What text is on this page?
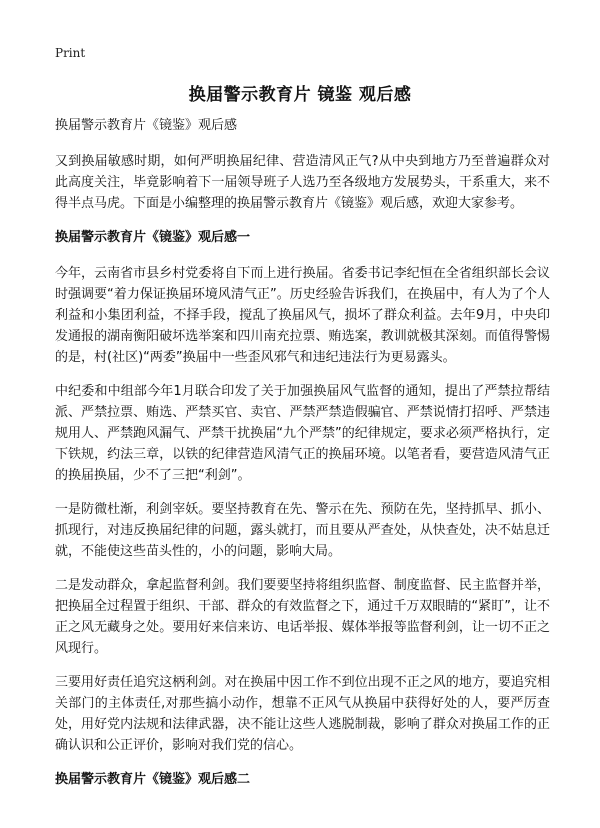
Print
换届警示教育片 镜鉴 观后感

换届警示教育片《镜鉴》观后感

又到换届敏感时期，如何严明换届纪律、营造清风正气?从中央到地方乃至普遍群众对此高度关注，毕竟影响着下一届领导班子人选乃至各级地方发展势头，干系重大，来不得半点马虎。下面是小编整理的换届警示教育片《镜鉴》观后感，欢迎大家参考。

换届警示教育片《镜鉴》观后感一

今年，云南省市县乡村党委将自下而上进行换届。省委书记李纪恒在全省组织部长会议时强调要“着力保证换届环境风清气正”。历史经验告诉我们，在换届中，有人为了个人利益和小集团利益，不择手段，搅乱了换届风气，损坏了群众利益。去年9月，中央印发通报的湖南衡阳破坏选举案和四川南充拉票、贿选案，教训就极其深刻。而值得警惕的是，村(社区)“两委”换届中一些歪风邪气和违纪违法行为更易露头。

中纪委和中组部今年1月联合印发了关于加强换届风气监督的通知，提出了严禁拉帮结派、严禁拉票、贿选、严禁买官、卖官、严禁严禁造假骗官、严禁说情打招呼、严禁违规用人、严禁跑风漏气、严禁干扰换届“九个严禁”的纪律规定，要求必须严格执行，定下铁规，约法三章，以铁的纪律营造风清气正的换届环境。以笔者看，要营造风清气正的换届换届，少不了三把“利剑”。

一是防微杜渐，利剑宰妖。要坚持教育在先、警示在先、预防在先，坚持抓早、抓小、抓现行，对违反换届纪律的问题，露头就打，而且要从严查处，从快查处，决不姑息迁就，不能使这些苗头性的，小的问题，影响大局。

二是发动群众，拿起监督利剑。我们要要坚持将组织监督、制度监督、民主监督并举，把换届全过程置于组织、干部、群众的有效监督之下，通过千万双眼睛的“紧盯”，让不正之风无藏身之处。要用好来信来访、电话举报、媒体举报等监督利剑，让一切不正之风现行。

三要用好责任追究这柄利剑。对在换届中因工作不到位出现不正之风的地方，要追究相关部门的主体责任,对那些搞小动作，想靠不正风气从换届中获得好处的人，要严厉查处，用好党内法规和法律武器，决不能让这些人逃脱制裁，影响了群众对换届工作的正确认识和公正评价，影响对我们党的信心。

换届警示教育片《镜鉴》观后感二
